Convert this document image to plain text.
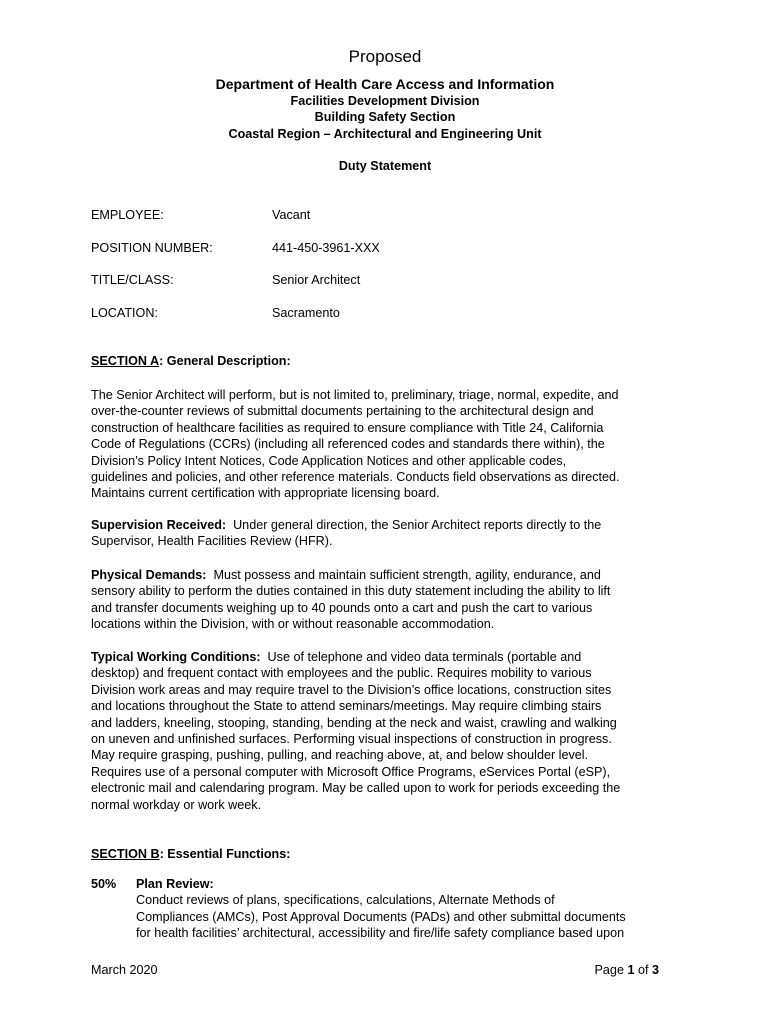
Proposed
Department of Health Care Access and Information
Facilities Development Division
Building Safety Section
Coastal Region – Architectural and Engineering Unit
Duty Statement
EMPLOYEE:	Vacant
POSITION NUMBER:	441-450-3961-XXX
TITLE/CLASS:	Senior Architect
LOCATION:	Sacramento
SECTION A: General Description:
The Senior Architect will perform, but is not limited to, preliminary, triage, normal, expedite, and
over-the-counter reviews of submittal documents pertaining to the architectural design and
construction of healthcare facilities as required to ensure compliance with Title 24, California
Code of Regulations (CCRs) (including all referenced codes and standards there within), the
Division’s Policy Intent Notices, Code Application Notices and other applicable codes,
guidelines and policies, and other reference materials. Conducts field observations as directed.
Maintains current certification with appropriate licensing board.
Supervision Received:  Under general direction, the Senior Architect reports directly to the
Supervisor, Health Facilities Review (HFR).
Physical Demands:  Must possess and maintain sufficient strength, agility, endurance, and
sensory ability to perform the duties contained in this duty statement including the ability to lift
and transfer documents weighing up to 40 pounds onto a cart and push the cart to various
locations within the Division, with or without reasonable accommodation.
Typical Working Conditions:  Use of telephone and video data terminals (portable and
desktop) and frequent contact with employees and the public. Requires mobility to various
Division work areas and may require travel to the Division’s office locations, construction sites
and locations throughout the State to attend seminars/meetings. May require climbing stairs
and ladders, kneeling, stooping, standing, bending at the neck and waist, crawling and walking
on uneven and unfinished surfaces. Performing visual inspections of construction in progress.
May require grasping, pushing, pulling, and reaching above, at, and below shoulder level.
Requires use of a personal computer with Microsoft Office Programs, eServices Portal (eSP),
electronic mail and calendaring program. May be called upon to work for periods exceeding the
normal workday or work week.
SECTION B: Essential Functions:
50% Plan Review:
Conduct reviews of plans, specifications, calculations, Alternate Methods of
Compliances (AMCs), Post Approval Documents (PADs) and other submittal documents
for health facilities’ architectural, accessibility and fire/life safety compliance based upon
March 2020	Page 1 of 3
